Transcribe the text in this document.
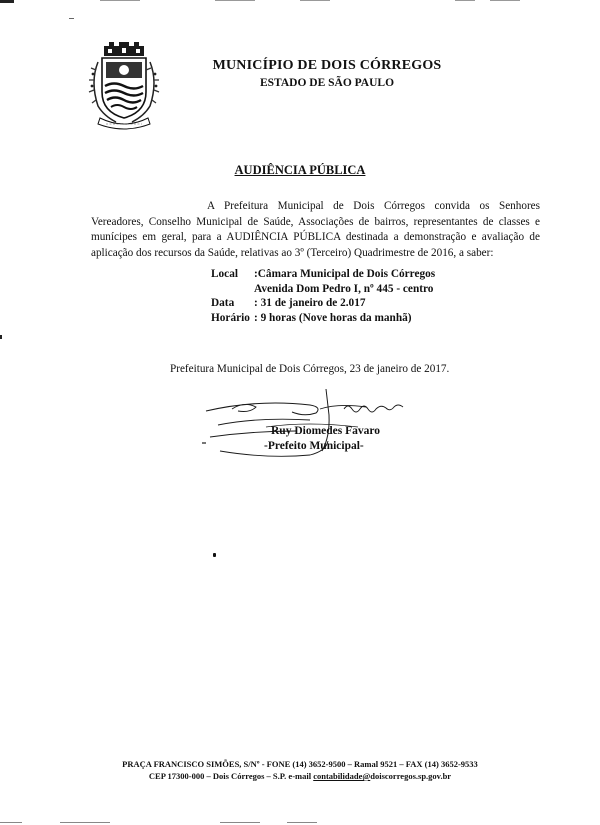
MUNICÍPIO DE DOIS CÓRREGOS
ESTADO DE SÃO PAULO
AUDIÊNCIA PÚBLICA
A Prefeitura Municipal de Dois Córregos convida os Senhores Vereadores, Conselho Municipal de Saúde, Associações de bairros, representantes de classes e munícipes em geral, para a AUDIÊNCIA PÚBLICA destinada a demonstração e avaliação de aplicação dos recursos da Saúde, relativas ao 3º (Terceiro) Quadrimestre de 2016, a saber:
Local	:Câmara Municipal de Dois Córregos
Avenida Dom Pedro I, nº 445 - centro
Data	: 31 de janeiro de 2.017
Horário : 9 horas (Nove horas da manhã)
Prefeitura Municipal de Dois Córregos, 23 de janeiro de 2017.
Ruy Diomedes Favaro
-Prefeito Municipal-
PRAÇA FRANCISCO SIMÕES, S/Nº - FONE (14) 3652-9500 – Ramal 9521 – FAX (14) 3652-9533
CEP 17300-000 – Dois Córregos – S.P. e-mail contabilidade@doiscorregos.sp.gov.br
